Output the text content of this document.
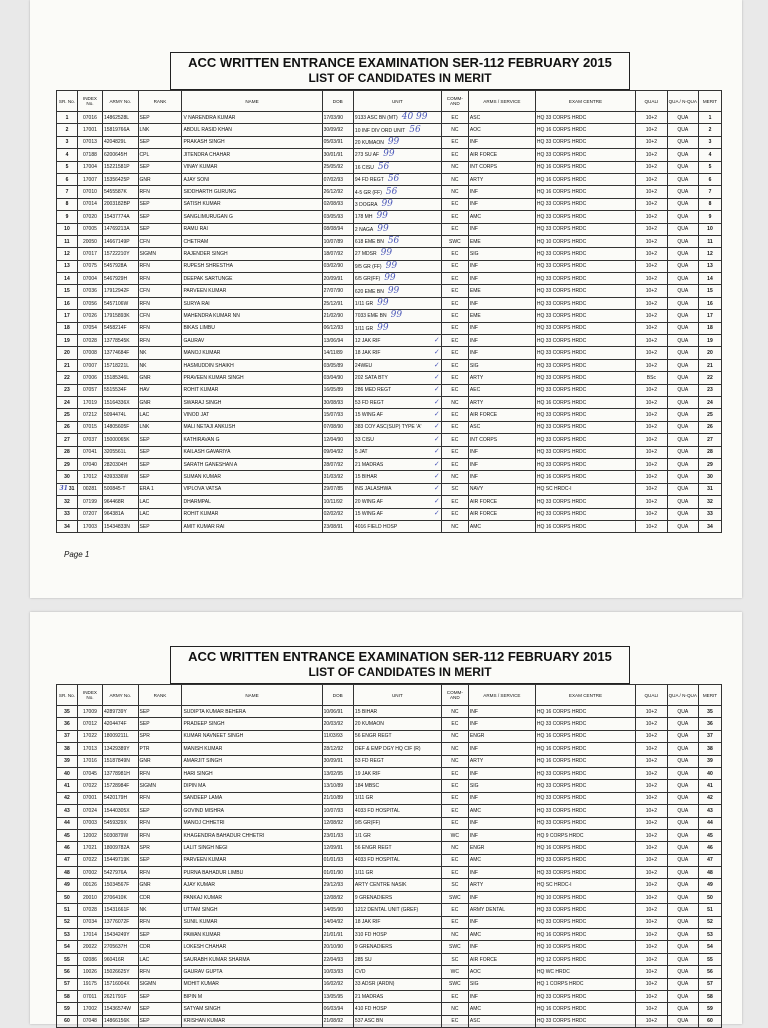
ACC WRITTEN ENTRANCE EXAMINATION SER-112 FEBRUARY 2015
LIST OF CANDIDATES IN MERIT
SR. No.	INDEX No.	ARMY No.	RANK	NAME	DOB	UNIT	COMM-AND	ARMS / SERVICE	EXAM CENTRE	QUALI	QUA / N-QUA	MERIT
1	07016	14862528L	SEP	V NARENDRA KUMAR	17/03/90	9133 ASC BN (MT) 40 99	EC	ASC	HQ 33 CORPS HRDC	10+2	QUA	1
2	17001	15819766A	LNK	ABDUL RASID KHAN	30/09/92	10 INF DIV ORD UNIT 56	NC	AOC	HQ 16 CORPS HRDC	10+2	QUA	2
3	07013	4204829L	SEP	PRAKASH SINGH	05/03/91	20 KUMAON 99	EC	INF	HQ 33 CORPS HRDC	10+2	QUA	3
4	07188	6200645H	CPL	JITENDRA CHAHAR	30/01/91	273 SU AF 99	EC	AIR FORCE	HQ 33 CORPS HRDC	10+2	QUA	4
5	17004	15221581P	SEP	VINAY KUMAR	25/05/92	16 CISU 56	NC	INT CORPS	HQ 16 CORPS HRDC	10+2	QUA	5
6	17007	15356425P	GNR	AJAY SONI	07/02/93	94 FD REGT 56	NC	ARTY	HQ 16 CORPS HRDC	10+2	QUA	6
7	07010	5455587K	RFN	SIDDHARTH GURUNG	26/12/92	4-5 GR (FF) 56	NC	INF	HQ 16 CORPS HRDC	10+2	QUA	7
8	07014	2003182BP	SEP	SATISH KUMAR	02/08/93	3 DOGRA 99	EC	INF	HQ 33 CORPS HRDC	10+2	QUA	8
9	07020	15437774A	SEP	SANGLIMURUGAN G	03/05/93	178 MH 99	EC	AMC	HQ 33 CORPS HRDC	10+2	QUA	9
10	07005	14769213A	SEP	RAMU RAI	08/08/94	2 NAGA 99	EC	INF	HQ 33 CORPS HRDC	10+2	QUA	10
11	20050	14667149P	CFN	CHETRAM	10/07/89	618 EME BN 56	SWC	EME	HQ 10 CORPS HRDC	10+2	QUA	11
12	07017	15722210Y	SIGMN	RAJENDER SINGH	18/07/92	27 MDSR 99	EC	SIG	HQ 33 CORPS HRDC	10+2	QUA	12
13	07075	5457928A	RFN	RUPESH SHRESTHA	03/02/90	9/5 GR (FF) 99	EC	INF	HQ 33 CORPS HRDC	10+2	QUA	13
14	07004	5467929H	RFN	DEEPAK SARTUNGE	20/09/91	6/5 GR(FF) 99	EC	INF	HQ 33 CORPS HRDC	10+2	QUA	14
15	07036	17912942F	CFN	PARVEEN KUMAR	27/07/90	620 EME BN 99	EC	EME	HQ 33 CORPS HRDC	10+2	QUA	15
16	07056	5457106W	RFN	SURYA RAI	25/12/91	1/11 GR 99	EC	INF	HQ 33 CORPS HRDC	10+2	QUA	16
17	07026	17915893K	CFN	MAHENDRA KUMAR NN	21/02/90	7033 EME BN 99	EC	EME	HQ 33 CORPS HRDC	10+2	QUA	17
18	07054	5458214F	RFN	BIKAS LIMBU	06/12/93	1/11 GR 99	EC	INF	HQ 33 CORPS HRDC	10+2	QUA	18
19	07028	13778545K	RFN	GAURAV	13/06/94	12 JAK RIF ✓	EC	INF	HQ 33 CORPS HRDC	10+2	QUA	19
20	07008	13774684F	NK	MANOJ KUMAR	14/11/89	18 JAK RIF ✓	EC	INF	HQ 33 CORPS HRDC	10+2	QUA	20
21	07007	15718221L	NK	HASMUDDIN SHAIKH	03/05/89	24WEU ✓	EC	SIG	HQ 33 CORPS HRDC	10+2	QUA	21
22	07006	15185346L	GNR	PRAVEEN KUMAR SINGH	03/04/90	202 SATA BTY ✓	EC	ARTY	HQ 33 CORPS HRDC	BSc	QUA	22
23	07057	5515534F	HAV	ROHIT KUMAR	16/05/89	286 MED REGT ✓	EC	AEC	HQ 33 CORPS HRDC	10+2	QUA	23
24	17019	15164336X	GNR	SWARAJ SINGH	30/08/93	53 FD REGT ✓	NC	ARTY	HQ 16 CORPS HRDC	10+2	QUA	24
25	07212	5094474L	LAC	VINOD JAT	15/07/93	15 WING AF ✓	EC	AIR FORCE	HQ 33 CORPS HRDC	10+2	QUA	25
26	07015	14805605F	LNK	MALI NETAJI ANKUSH	07/08/90	383 COY ASC(SUP) TYPE 'A' ✓	EC	ASC	HQ 33 CORPS HRDC	10+2	QUA	26
27	07037	15000065K	SEP	KATHIRAVAN G	12/04/90	33 CISU ✓	EC	INT CORPS	HQ 33 CORPS HRDC	10+2	QUA	27
28	07041	3205561L	SEP	KAILASH GAVARIYA	09/04/92	5 JAT ✓	EC	INF	HQ 33 CORPS HRDC	10+2	QUA	28
29	07040	2820304H	SEP	SARATH GANESHAN A	28/07/92	21 MADRAS ✓	EC	INF	HQ 33 CORPS HRDC	10+2	QUA	29
30	17012	4393336W	SEP	SUMAN KUMAR	31/03/92	15 BIHAR ✓	NC	INF	HQ 16 CORPS HRDC	10+2	QUA	30
3131	00281	500845-T	ERA 1	VIPLOVA VATSA	29/07/85	INS JALASHWA ✓	SC	NAVY	HQ SC HRDC-I	10+2	QUA	31
32	07199	964468R	LAC	DHARMPAL	10/11/92	20 WING AF ✓	EC	AIR FORCE	HQ 33 CORPS HRDC	10+2	QUA	32
33	07207	964381A	LAC	ROHIT KUMAR	02/02/92	15 WING AF ✓	EC	AIR FORCE	HQ 33 CORPS HRDC	10+2	QUA	33
34	17003	15434833N	SEP	AMIT KUMAR RAI	23/08/91	4016 FIELD HOSP	NC	AMC	HQ 16 CORPS HRDC	10+2	QUA	34
Page 1
ACC WRITTEN ENTRANCE EXAMINATION SER-112 FEBRUARY 2015
LIST OF CANDIDATES IN MERIT
SR. No.	INDEX No.	ARMY No.	RANK	NAME	DOB	UNIT	COMM-AND	ARMS / SERVICE	EXAM CENTRE	QUALI	QUA / N-QUA	MERIT
35	17009	4289739Y	SEP	SUDIPTA KUMAR BEHERA	10/06/91	15 BIHAR	NC	INF	HQ 16 CORPS HRDC	10+2	QUA	35
36	07012	4204474F	SEP	PRADEEP SINGH	20/03/92	20 KUMAON	EC	INF	HQ 33 CORPS HRDC	10+2	QUA	36
37	17022	18009211L	SPR	KUMAR NAVNEET SINGH	11/03/93	56 ENGR REGT	NC	ENGR	HQ 16 CORPS HRDC	10+2	QUA	37
38	17013	13429389Y	PTR	MANISH KUMAR	28/12/92	DEF & EMP DGY HQ CIF (R)	NC	INF	HQ 16 CORPS HRDC	10+2	QUA	38
39	17016	15187849N	GNR	AMARJIT SINGH	30/09/91	53 FD REGT	NC	ARTY	HQ 16 CORPS HRDC	10+2	QUA	39
40	07045	13778981H	RFN	HARI SINGH	13/02/95	19 JAK RIF	EC	INF	HQ 33 CORPS HRDC	10+2	QUA	40
41	07022	15728984F	SIGMN	DIPIN MA	13/10/89	184 MBSC	EC	SIG	HQ 33 CORPS HRDC	10+2	QUA	41
42	07001	5420179H	RFN	SANDEEP LAMA	21/10/89	1/11 GR	EC	INF	HQ 33 CORPS HRDC	10+2	QUA	42
43	07024	15440305X	SEP	GOVIND MISHRA	10/07/93	4033 FD HOSPITAL	EC	AMC	HQ 33 CORPS HRDC	10+2	QUA	43
44	07003	5459329X	RFN	MANOJ CHHETRI	12/08/92	9/5 GR(FF)	EC	INF	HQ 33 CORPS HRDC	10+2	QUA	44
45	12002	5030879W	RFN	KHAGENDRA BAHADUR CHHETRI	23/01/93	1/1 GR	WC	INF	HQ 9 CORPS HRDC	10+2	QUA	45
46	17021	18009782A	SPR	LALIT SINGH NEGI	12/09/91	56 ENGR REGT	NC	ENGR	HQ 16 CORPS HRDC	10+2	QUA	46
47	07022	15449719K	SEP	PARVEEN KUMAR	01/01/93	4033 FD HOSPITAL	EC	AMC	HQ 33 CORPS HRDC	10+2	QUA	47
48	07002	5427976A	RFN	PURNA BAHADUR LIMBU	01/01/90	1/11 GR	EC	INF	HQ 33 CORPS HRDC	10+2	QUA	48
49	00126	15034567F	GNR	AJAY KUMAR	29/12/93	ARTY CENTRE NASIK	SC	ARTY	HQ SC HRDC-I	10+2	QUA	49
50	20010	2706410K	CDR	PANKAJ KUMAR	12/08/92	9 GRENADIERS	SWC	INF	HQ 10 CORPS HRDC	10+2	QUA	50
51	07028	15431661F	NK	UTTAM SINGH	14/05/90	1212 DENTAL UNIT (GREF)	EC	ARMY DENTAL	HQ 33 CORPS HRDC	10+2	QUA	51
52	07034	13776072F	RFN	SUNIL KUMAR	14/04/92	18 JAK RIF	EC	INF	HQ 33 CORPS HRDC	10+2	QUA	52
53	17014	15434249Y	SEP	PAWAN KUMAR	21/01/91	310 FD HOSP	NC	AMC	HQ 16 CORPS HRDC	10+2	QUA	53
54	20022	2705637H	CDR	LOKESH CHAHAR	20/10/90	9 GRENADIERS	SWC	INF	HQ 10 CORPS HRDC	10+2	QUA	54
55	02086	960416R	LAC	SAURABH KUMAR SHARMA	22/04/93	285 SU	SC	AIR FORCE	HQ 12 CORPS HRDC	10+2	QUA	55
56	10026	15026625Y	RFN	GAURAV GUPTA	10/03/93	CVD	WC	AOC	HQ WC HRDC	10+2	QUA	56
57	19175	15716004X	SIGMN	MOHIT KUMAR	16/02/92	33 ADSR (ARDN)	SWC	SIG	HQ 1 CORPS HRDC	10+2	QUA	57
58	07011	2621791F	SEP	BIPIN M	13/05/95	21 MADRAS	EC	INF	HQ 33 CORPS HRDC	10+2	QUA	58
59	17002	15436574W	SEP	SATYAM SINGH	06/03/94	410 FD HOSP	NC	AMC	HQ 16 CORPS HRDC	10+2	QUA	59
60	07048	14866156K	SEP	KRISHAN KUMAR	21/08/92	537 ASC BN	EC	ASC	HQ 33 CORPS HRDC	10+2	QUA	60
